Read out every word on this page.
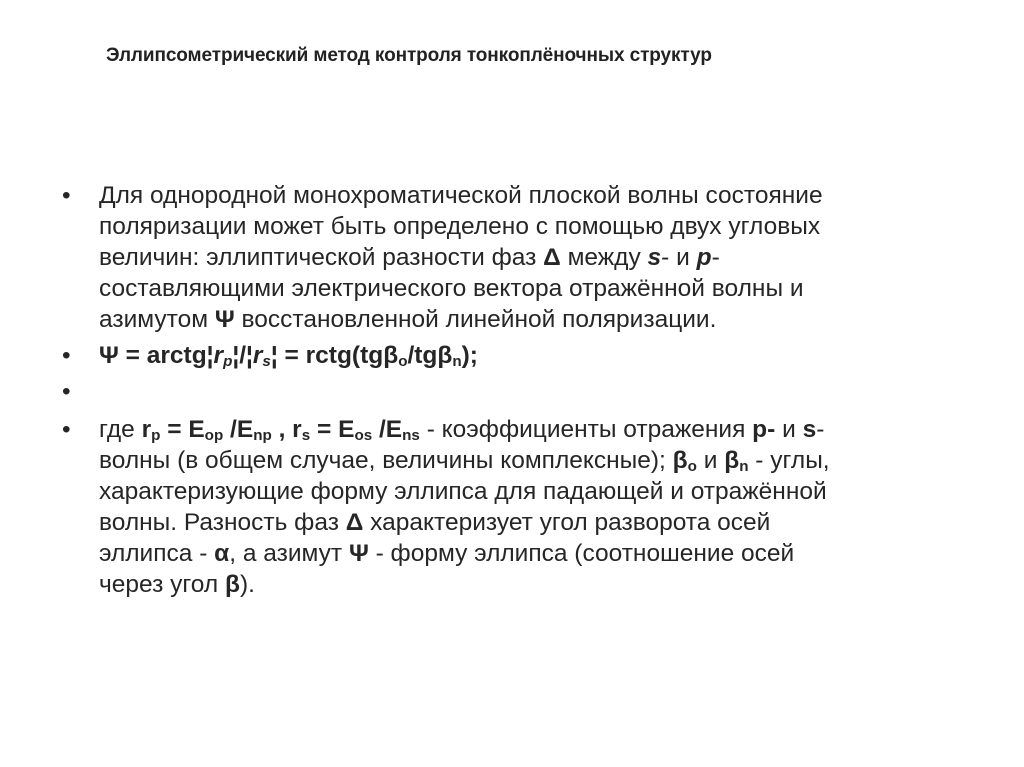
Эллипсометрический метод контроля тонкоплёночных структур
•	Для однородной монохроматической плоской волны состояние
поляризации может быть определено с помощью двух угловых
величин: эллиптической разности фаз Δ между s- и p-
составляющими электрического вектора отражённой волны и
азимутом Ψ восстановленной линейной поляризации.
•	$\Psi = arctg¦r_p¦/¦r_s¦$ = rctg(tgβ$_o$/tgβ$_n$);
•

•	где $r_p = E_{op}$ $/E_{np}$ , $r_s = E_{os}$ $/E_{ns}$ - коэффициенты отражения p- и s-
волны (в общем случае, величины комплексные); $\beta_o$ и $\beta_n$ - углы,
характеризующие форму эллипса для падающей и отражённой
волны. Разность фаз Δ характеризует угол разворота осей
эллипса - α, а азимут Ψ - форму эллипса (соотношение осей
через угол β).
